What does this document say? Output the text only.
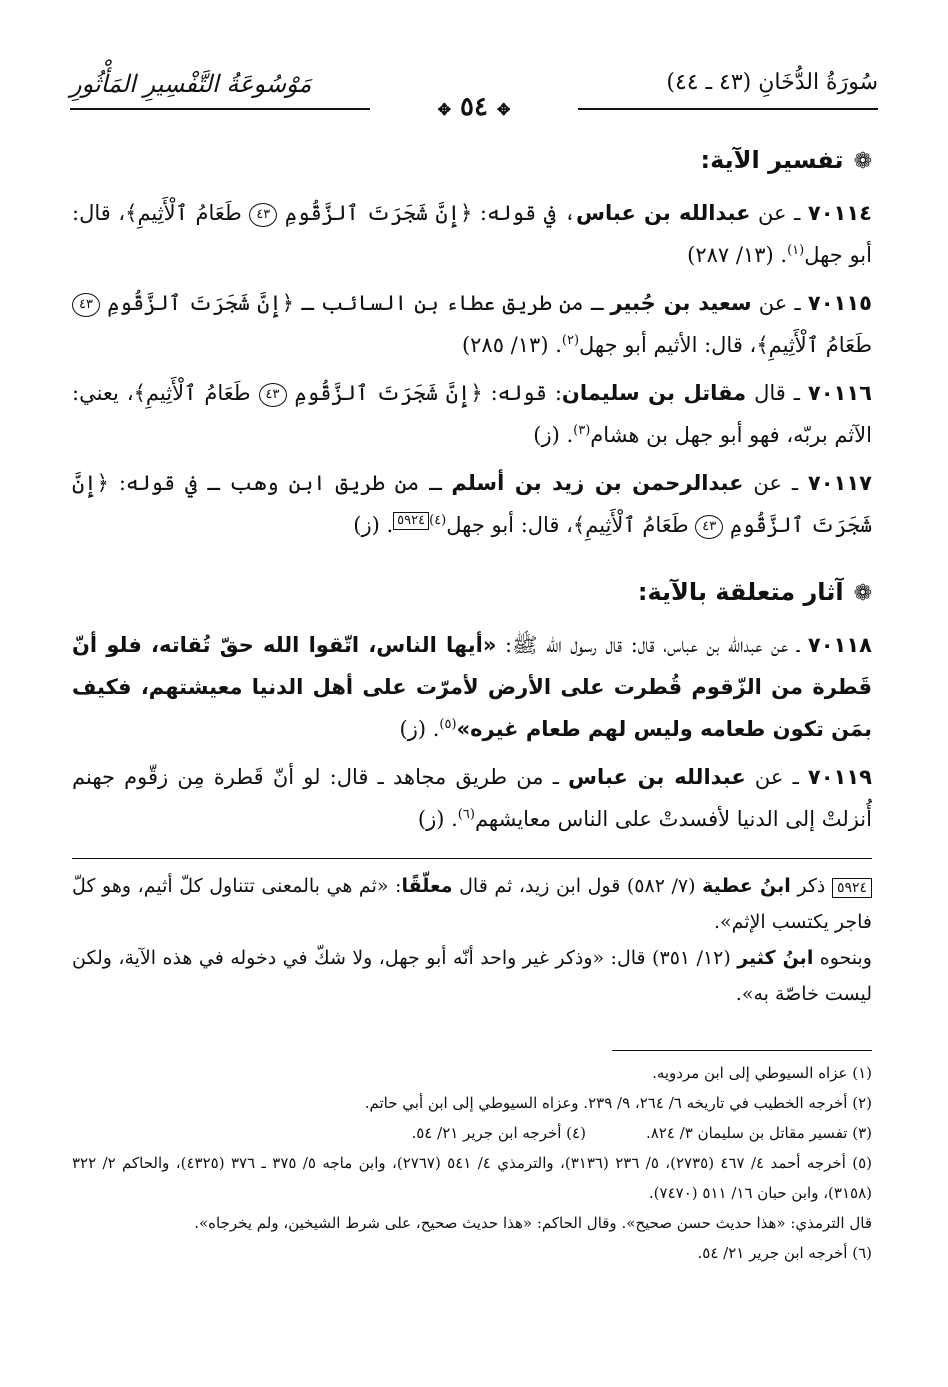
سُورَةُ الدُّخَانِ (٤٣ ـ ٤٤)
مَوْسُوعَةُ التَّفْسِيرِ المَأْثُورِ
✥ ٥٤ ✥
❁تفسير الآية:
٧٠١١٤ ـ عن عبدالله بن عباس، في قوله: ﴿إِنَّ شَجَرَتَ ٱلزَّقُّومِ ٤٣ طَعَامُ ٱلْأَثِيمِ﴾، قال: أبو جهل$^{(١)}$. (١٣/ ٢٨٧)
٧٠١١٥ ـ عن سعيد بن جُبير ـ من طريق عطاء بن السائب ـ ﴿إِنَّ شَجَرَتَ ٱلزَّقُّومِ ٤٣ طَعَامُ ٱلْأَثِيمِ﴾، قال: الأثيم أبو جهل$^{(٢)}$. (١٣/ ٢٨٥)
٧٠١١٦ ـ قال مقاتل بن سليمان: قوله: ﴿إِنَّ شَجَرَتَ ٱلزَّقُّومِ ٤٣ طَعَامُ ٱلْأَثِيمِ﴾، يعني: الآثم بربّه، فهو أبو جهل بن هشام$^{(٣)}$. (ز)
٧٠١١٧ ـ عن عبدالرحمن بن زيد بن أسلم ـ من طريق ابن وهب ـ في قوله: ﴿إِنَّ شَجَرَتَ ٱلزَّقُّومِ ٤٣ طَعَامُ ٱلْأَثِيمِ﴾، قال: أبو جهل$^{(٤)}$٥٩٢٤. (ز)
❁آثار متعلقة بالآية:
٧٠١١٨ ـ عن عبدالله بن عباس، قال: قال رسول الله ﷺ: «أيها الناس، اتّقوا الله حقّ تُقاته، فلو أنّ قَطرة من الزّقوم قُطرت على الأرض لأمرّت على أهل الدنيا معيشتهم، فكيف بمَن تكون طعامه وليس لهم طعام غيره»$^{(٥)}$. (ز)
٧٠١١٩ ـ عن عبدالله بن عباس ـ من طريق مجاهد ـ قال: لو أنّ قَطرة مِن زقّوم جهنم أُنزلتْ إلى الدنيا لأفسدتْ على الناس معايشهم$^{(٦)}$. (ز)
٥٩٢٤ ذكر ابنُ عطية (٧/ ٥٨٢) قول ابن زيد، ثم قال معلّقًا: «ثم هي بالمعنى تتناول كلّ أثيم، وهو كلّ فاجر يكتسب الإثم».
وبنحوه ابنُ كثير (١٢/ ٣٥١) قال: «وذكر غير واحد أنّه أبو جهل، ولا شكّ في دخوله في هذه الآية، ولكن ليست خاصّة به».
(١) عزاه السيوطي إلى ابن مردويه.
(٢) أخرجه الخطيب في تاريخه ٦/ ٢٦٤، ٩/ ٢٣٩. وعزاه السيوطي إلى ابن أبي حاتم.
(٣) تفسير مقاتل بن سليمان ٣/ ٨٢٤.
(٤) أخرجه ابن جرير ٢١/ ٥٤.
(٥) أخرجه أحمد ٤/ ٤٦٧ (٢٧٣٥)، ٥/ ٢٣٦ (٣١٣٦)، والترمذي ٤/ ٥٤١ (٢٧٦٧)، وابن ماجه ٥/ ٣٧٥ ـ ٣٧٦ (٤٣٢٥)، والحاكم ٢/ ٣٢٢ (٣١٥٨)، وابن حبان ١٦/ ٥١١ (٧٤٧٠).
قال الترمذي: «هذا حديث حسن صحيح». وقال الحاكم: «هذا حديث صحيح، على شرط الشيخين، ولم يخرجاه».
(٦) أخرجه ابن جرير ٢١/ ٥٤.
